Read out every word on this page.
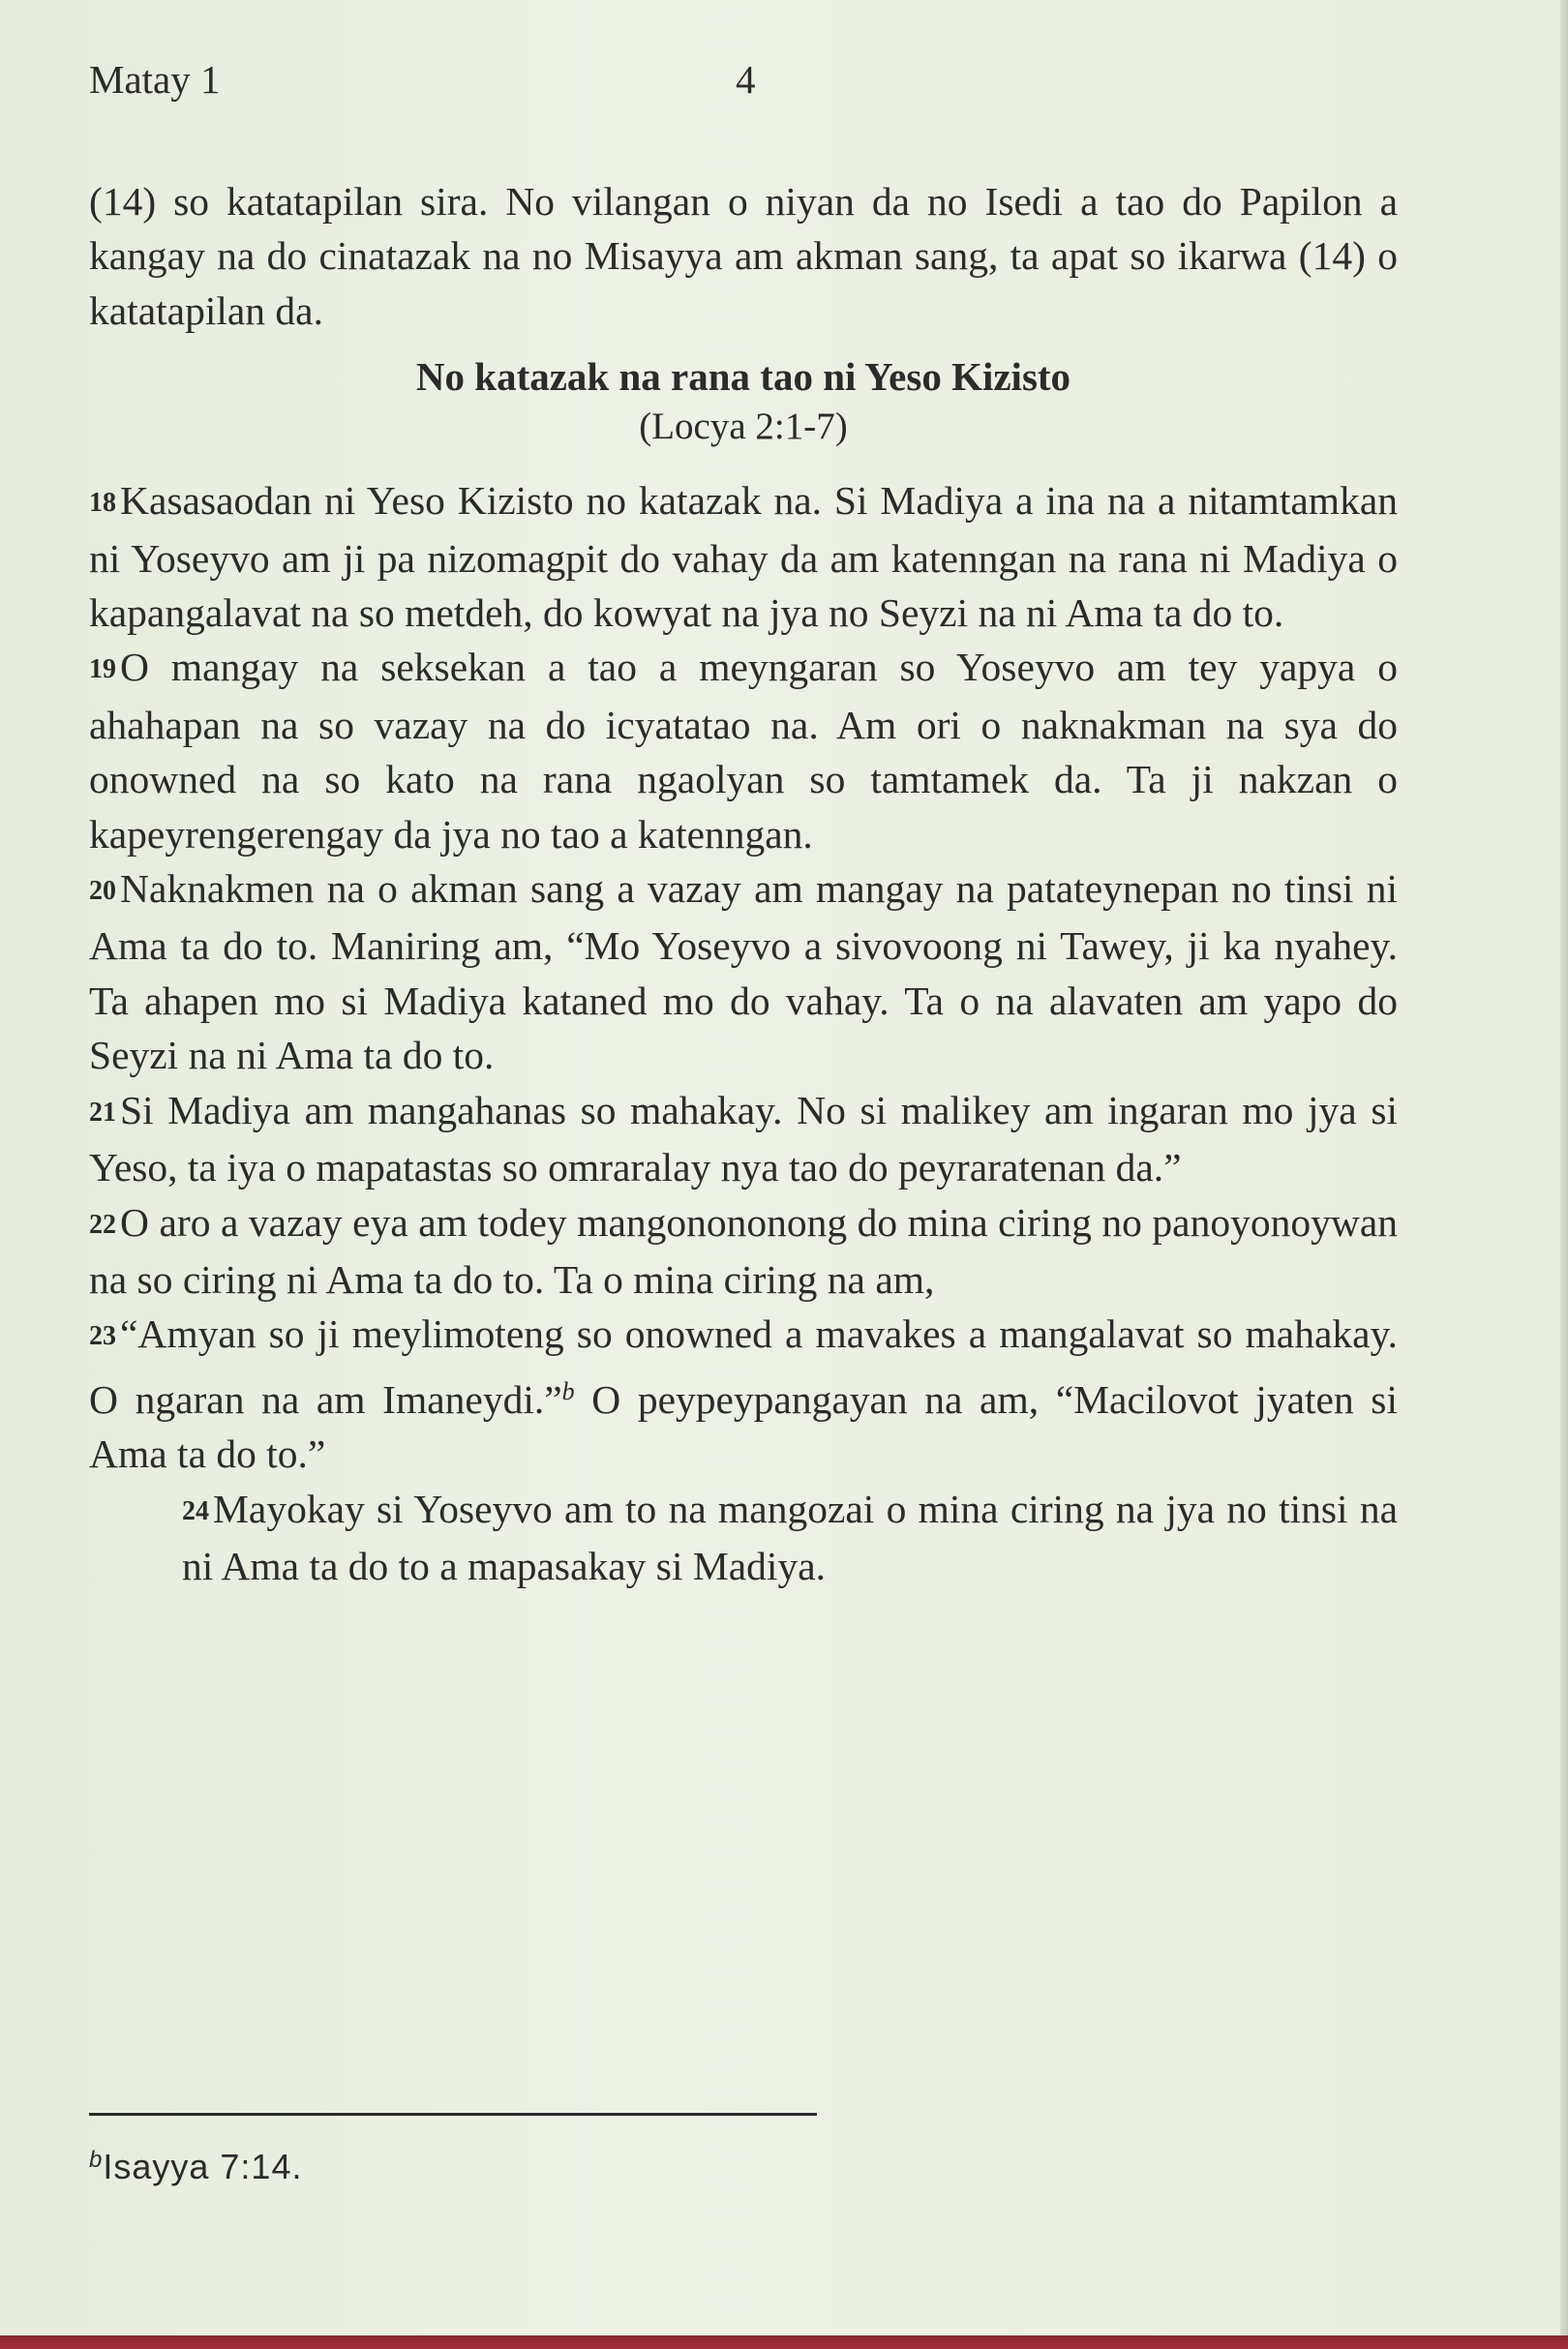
Matay 1	4

(14) so katatapilan sira. No vilangan o niyan da no Isedi a tao do Papilon a kangay na do cinatazak na no Misayya am akman sang, ta apat so ikarwa (14) o katatapilan da.

No katazak na rana tao ni Yeso Kizisto
(Locya 2:1-7)

18Kasasaodan ni Yeso Kizisto no katazak na. Si Madiya a ina na a nitamtamkan ni Yoseyvo am ji pa nizomagpit do vahay da am katenngan na rana ni Madiya o kapangalavat na so metdeh, do kowyat na jya no Seyzi na ni Ama ta do to.

19O mangay na seksekan a tao a meyngaran so Yoseyvo am tey yapya o ahahapan na so vazay na do icyatatao na. Am ori o naknakman na sya do onowned na so kato na rana ngaolyan so tamtamek da. Ta ji nakzan o kapeyrengerengay da jya no tao a katenngan.

20Naknakmen na o akman sang a vazay am mangay na patateynepan no tinsi ni Ama ta do to. Maniring am, “Mo Yoseyvo a sivovoong ni Tawey, ji ka nyahey. Ta ahapen mo si Madiya kataned mo do vahay. Ta o na alavaten am yapo do Seyzi na ni Ama ta do to.

21Si Madiya am mangahanas so mahakay. No si malikey am ingaran mo jya si Yeso, ta iya o mapatastas so omraralay nya tao do peyraratenan da.”

22O aro a vazay eya am todey mangonononong do mina ciring no panoyonoywan na so ciring ni Ama ta do to. Ta o mina ciring na am,

23“Amyan so ji meylimoteng so onowned a mavakes a mangalavat so mahakay. O ngaran na am Imaneydi.”$^b$ O peypeypangayan na am, “Macilovot jyaten si Ama ta do to.”

24Mayokay si Yoseyvo am to na mangozai o mina ciring na jya no tinsi na ni Ama ta do to a mapasakay si Madiya.

$^b$Isayya 7:14.
